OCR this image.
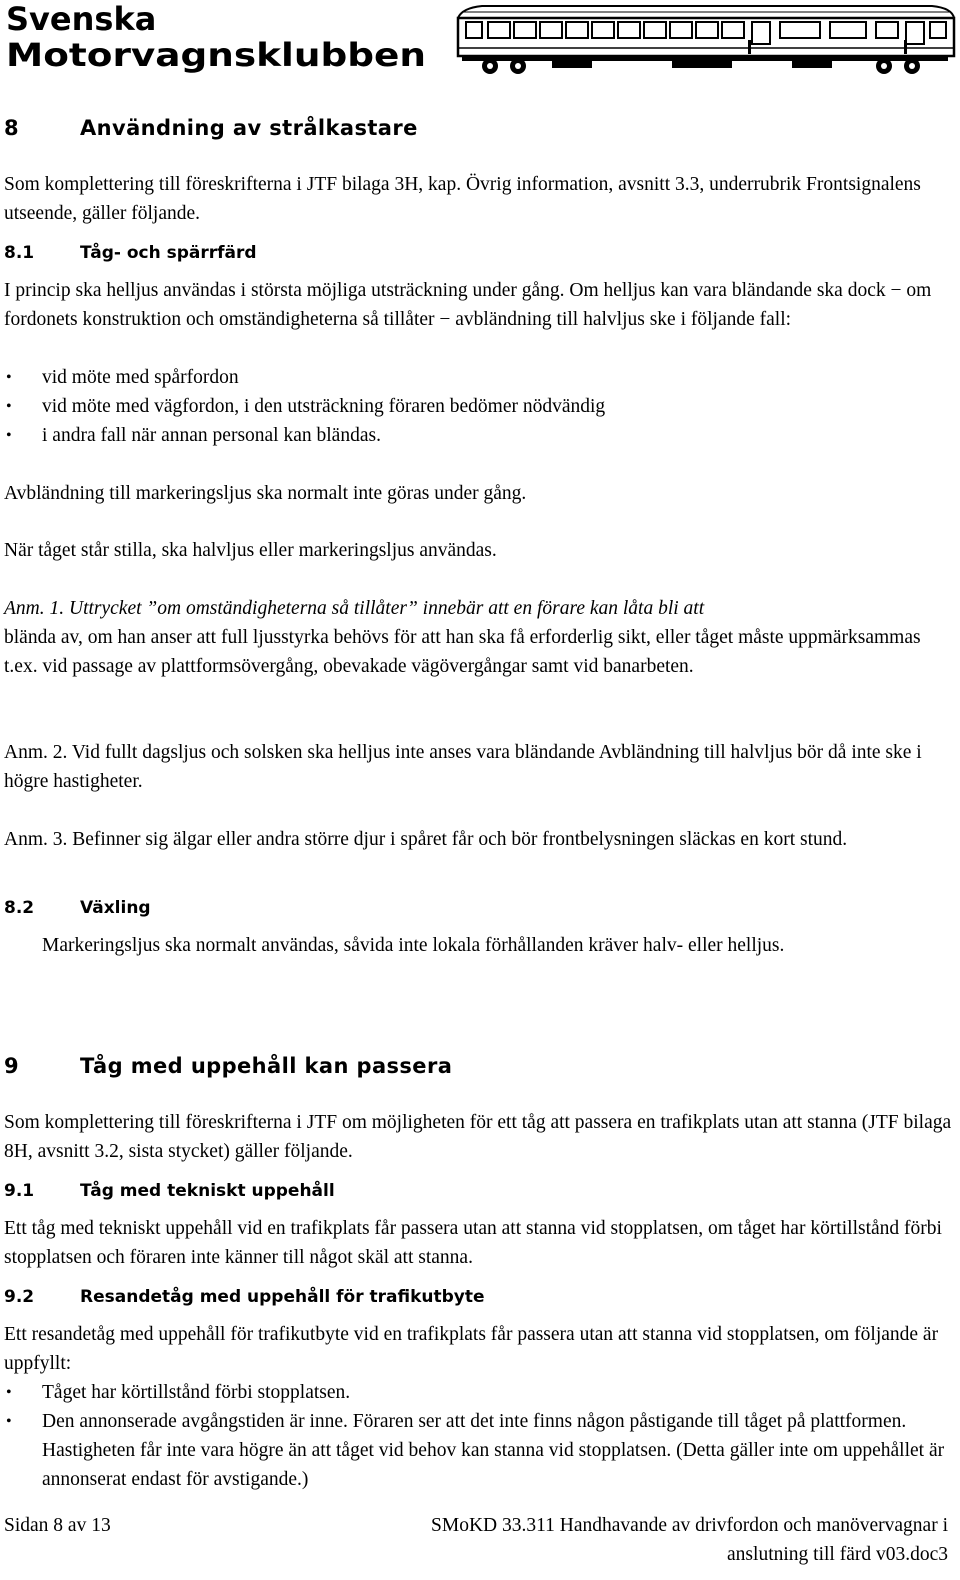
Svenska
Motorvagnsklubben
8	Användning av strålkastare

Som komplettering till föreskrifterna i JTF bilaga 3H, kap. Övrig information, avsnitt 3.3, underrubrik Frontsignalens utseende, gäller följande.

8.1	Tåg- och spärrfärd

I princip ska helljus användas i största möjliga utsträckning under gång. Om helljus kan vara bländande ska dock − om fordonets konstruktion och omständigheterna så tillåter − avbländning till halvljus ske i följande fall:

• vid möte med spårfordon
• vid möte med vägfordon, i den utsträckning föraren bedömer nödvändig
• i andra fall när annan personal kan bländas.

Avbländning till markeringsljus ska normalt inte göras under gång.

När tåget står stilla, ska halvljus eller markeringsljus användas.

Anm. 1. Uttrycket ”om omständigheterna så tillåter” innebär att en förare kan låta bli att
blända av, om han anser att full ljusstyrka behövs för att han ska få erforderlig sikt, eller tåget måste uppmärksammas t.ex. vid passage av plattformsövergång, obevakade vägövergångar samt vid banarbeten.

Anm. 2. Vid fullt dagsljus och solsken ska helljus inte anses vara bländande Avbländning till halvljus bör då inte ske i högre hastigheter.

Anm. 3. Befinner sig älgar eller andra större djur i spåret får och bör frontbelysningen släckas en kort stund.

8.2	Växling

Markeringsljus ska normalt användas, såvida inte lokala förhållanden kräver halv- eller helljus.

9	Tåg med uppehåll kan passera

Som komplettering till föreskrifterna i JTF om möjligheten för ett tåg att passera en trafikplats utan att stanna (JTF bilaga 8H, avsnitt 3.2, sista stycket) gäller följande.

9.1	Tåg med tekniskt uppehåll

Ett tåg med tekniskt uppehåll vid en trafikplats får passera utan att stanna vid stopplatsen, om tåget har körtillstånd förbi stopplatsen och föraren inte känner till något skäl att stanna.

9.2	Resandetåg med uppehåll för trafikutbyte

Ett resandetåg med uppehåll för trafikutbyte vid en trafikplats får passera utan att stanna vid stopplatsen, om följande är uppfyllt:

• Tåget har körtillstånd förbi stopplatsen.
• Den annonserade avgångstiden är inne. Föraren ser att det inte finns någon påstigande till tåget på plattformen. Hastigheten får inte vara högre än att tåget vid behov kan stanna vid stopplatsen. (Detta gäller inte om uppehållet är annonserat endast för avstigande.)
Sidan 8 av 13	SMoKD 33.311 Handhavande av drivfordon och manövervagnar i
anslutning till färd v03.doc3
